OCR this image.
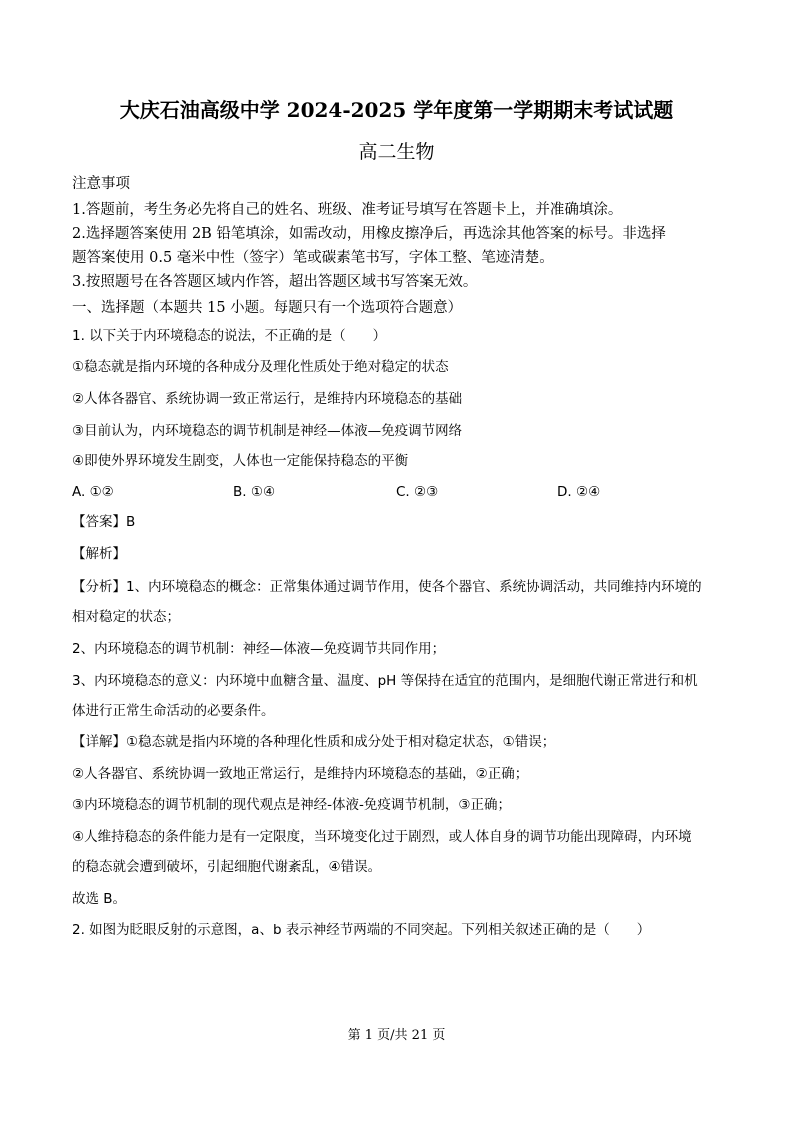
大庆石油高级中学 2024-2025 学年度第一学期期末考试试题
高二生物
注意事项
1.答题前，考生务必先将自己的姓名、班级、准考证号填写在答题卡上，并准确填涂。
2.选择题答案使用 2B 铅笔填涂，如需改动，用橡皮擦净后，再选涂其他答案的标号。非选择
题答案使用 0.5 毫米中性（签字）笔或碳素笔书写，字体工整、笔迹清楚。
3.按照题号在各答题区域内作答，超出答题区域书写答案无效。
一、选择题（本题共 15 小题。每题只有一个选项符合题意）
1. 以下关于内环境稳态的说法，不正确的是（　　）
①稳态就是指内环境的各种成分及理化性质处于绝对稳定的状态
②人体各器官、系统协调一致正常运行，是维持内环境稳态的基础
③目前认为，内环境稳态的调节机制是神经—体液—免疫调节网络
④即使外界环境发生剧变，人体也一定能保持稳态的平衡
A. ①②	B. ①④	C. ②③	D. ②④
【答案】B
【解析】
【分析】1、内环境稳态的概念：正常集体通过调节作用，使各个器官、系统协调活动，共同维持内环境的
相对稳定的状态；
2、内环境稳态的调节机制：神经—体液—免疫调节共同作用；
3、内环境稳态的意义：内环境中血糖含量、温度、pH 等保持在适宜的范围内，是细胞代谢正常进行和机
体进行正常生命活动的必要条件。
【详解】①稳态就是指内环境的各种理化性质和成分处于相对稳定状态，①错误；
②人各器官、系统协调一致地正常运行，是维持内环境稳态的基础，②正确；
③内环境稳态的调节机制的现代观点是神经-体液-免疫调节机制，③正确；
④人维持稳态的条件能力是有一定限度，当环境变化过于剧烈，或人体自身的调节功能出现障碍，内环境
的稳态就会遭到破坏，引起细胞代谢紊乱，④错误。
故选 B。
2. 如图为眨眼反射的示意图，a、b 表示神经节两端的不同突起。下列相关叙述正确的是（　　）
第 1 页/共 21 页
